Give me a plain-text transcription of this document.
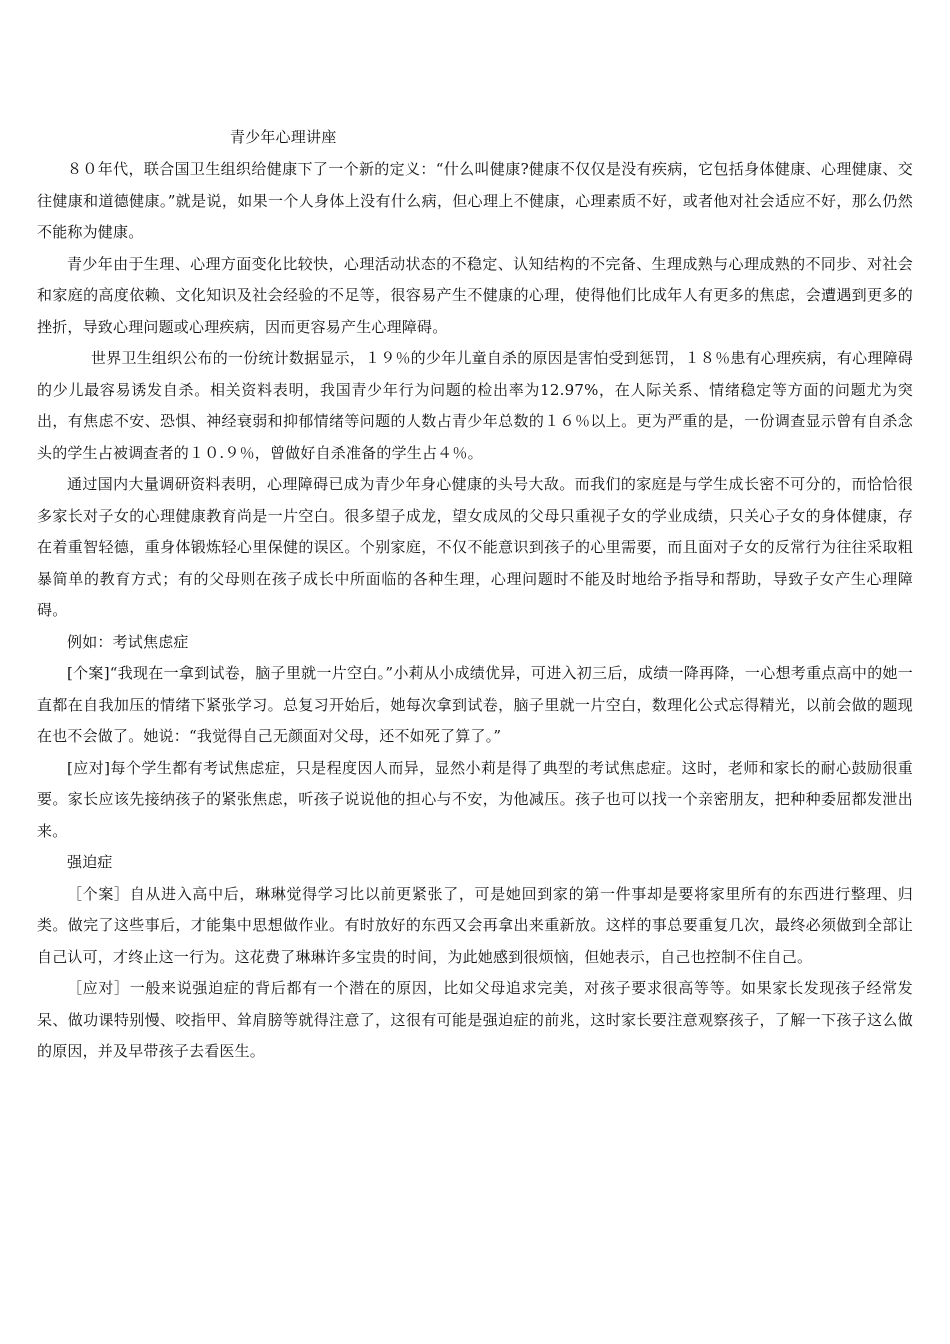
青少年心理讲座

８０年代，联合国卫生组织给健康下了一个新的定义：“什么叫健康?健康不仅仅是没有疾病，它包括身体健康、心理健康、交往健康和道德健康。”就是说，如果一个人身体上没有什么病，但心理上不健康，心理素质不好，或者他对社会适应不好，那么仍然不能称为健康。

青少年由于生理、心理方面变化比较快，心理活动状态的不稳定、认知结构的不完备、生理成熟与心理成熟的不同步、对社会和家庭的高度依赖、文化知识及社会经验的不足等，很容易产生不健康的心理，使得他们比成年人有更多的焦虑，会遭遇到更多的挫折，导致心理问题或心理疾病，因而更容易产生心理障碍。

世界卫生组织公布的一份统计数据显示，１９％的少年儿童自杀的原因是害怕受到惩罚，１８％患有心理疾病，有心理障碍的少儿最容易诱发自杀。相关资料表明，我国青少年行为问题的检出率为12.97%，在人际关系、情绪稳定等方面的问题尤为突出，有焦虑不安、恐惧、神经衰弱和抑郁情绪等问题的人数占青少年总数的１６％以上。更为严重的是，一份调查显示曾有自杀念头的学生占被调查者的１０.９％，曾做好自杀准备的学生占４％。

通过国内大量调研资料表明，心理障碍已成为青少年身心健康的头号大敌。而我们的家庭是与学生成长密不可分的，而恰恰很多家长对子女的心理健康教育尚是一片空白。很多望子成龙，望女成凤的父母只重视子女的学业成绩，只关心子女的身体健康，存在着重智轻德，重身体锻炼轻心里保健的误区。个别家庭，不仅不能意识到孩子的心里需要，而且面对子女的反常行为往往采取粗暴简单的教育方式；有的父母则在孩子成长中所面临的各种生理，心理问题时不能及时地给予指导和帮助，导致子女产生心理障碍。

例如：考试焦虑症

[个案]“我现在一拿到试卷，脑子里就一片空白。”小莉从小成绩优异，可进入初三后，成绩一降再降，一心想考重点高中的她一直都在自我加压的情绪下紧张学习。总复习开始后，她每次拿到试卷，脑子里就一片空白，数理化公式忘得精光，以前会做的题现在也不会做了。她说：“我觉得自己无颜面对父母，还不如死了算了。”

[应对]每个学生都有考试焦虑症，只是程度因人而异，显然小莉是得了典型的考试焦虑症。这时，老师和家长的耐心鼓励很重要。家长应该先接纳孩子的紧张焦虑，听孩子说说他的担心与不安，为他减压。孩子也可以找一个亲密朋友，把种种委屈都发泄出来。

强迫症

［个案］自从进入高中后，琳琳觉得学习比以前更紧张了，可是她回到家的第一件事却是要将家里所有的东西进行整理、归类。做完了这些事后，才能集中思想做作业。有时放好的东西又会再拿出来重新放。这样的事总要重复几次，最终必须做到全部让自己认可，才终止这一行为。这花费了琳琳许多宝贵的时间，为此她感到很烦恼，但她表示，自己也控制不住自己。

［应对］一般来说强迫症的背后都有一个潜在的原因，比如父母追求完美，对孩子要求很高等等。如果家长发现孩子经常发呆、做功课特别慢、咬指甲、耸肩膀等就得注意了，这很有可能是强迫症的前兆，这时家长要注意观察孩子，了解一下孩子这么做的原因，并及早带孩子去看医生。
